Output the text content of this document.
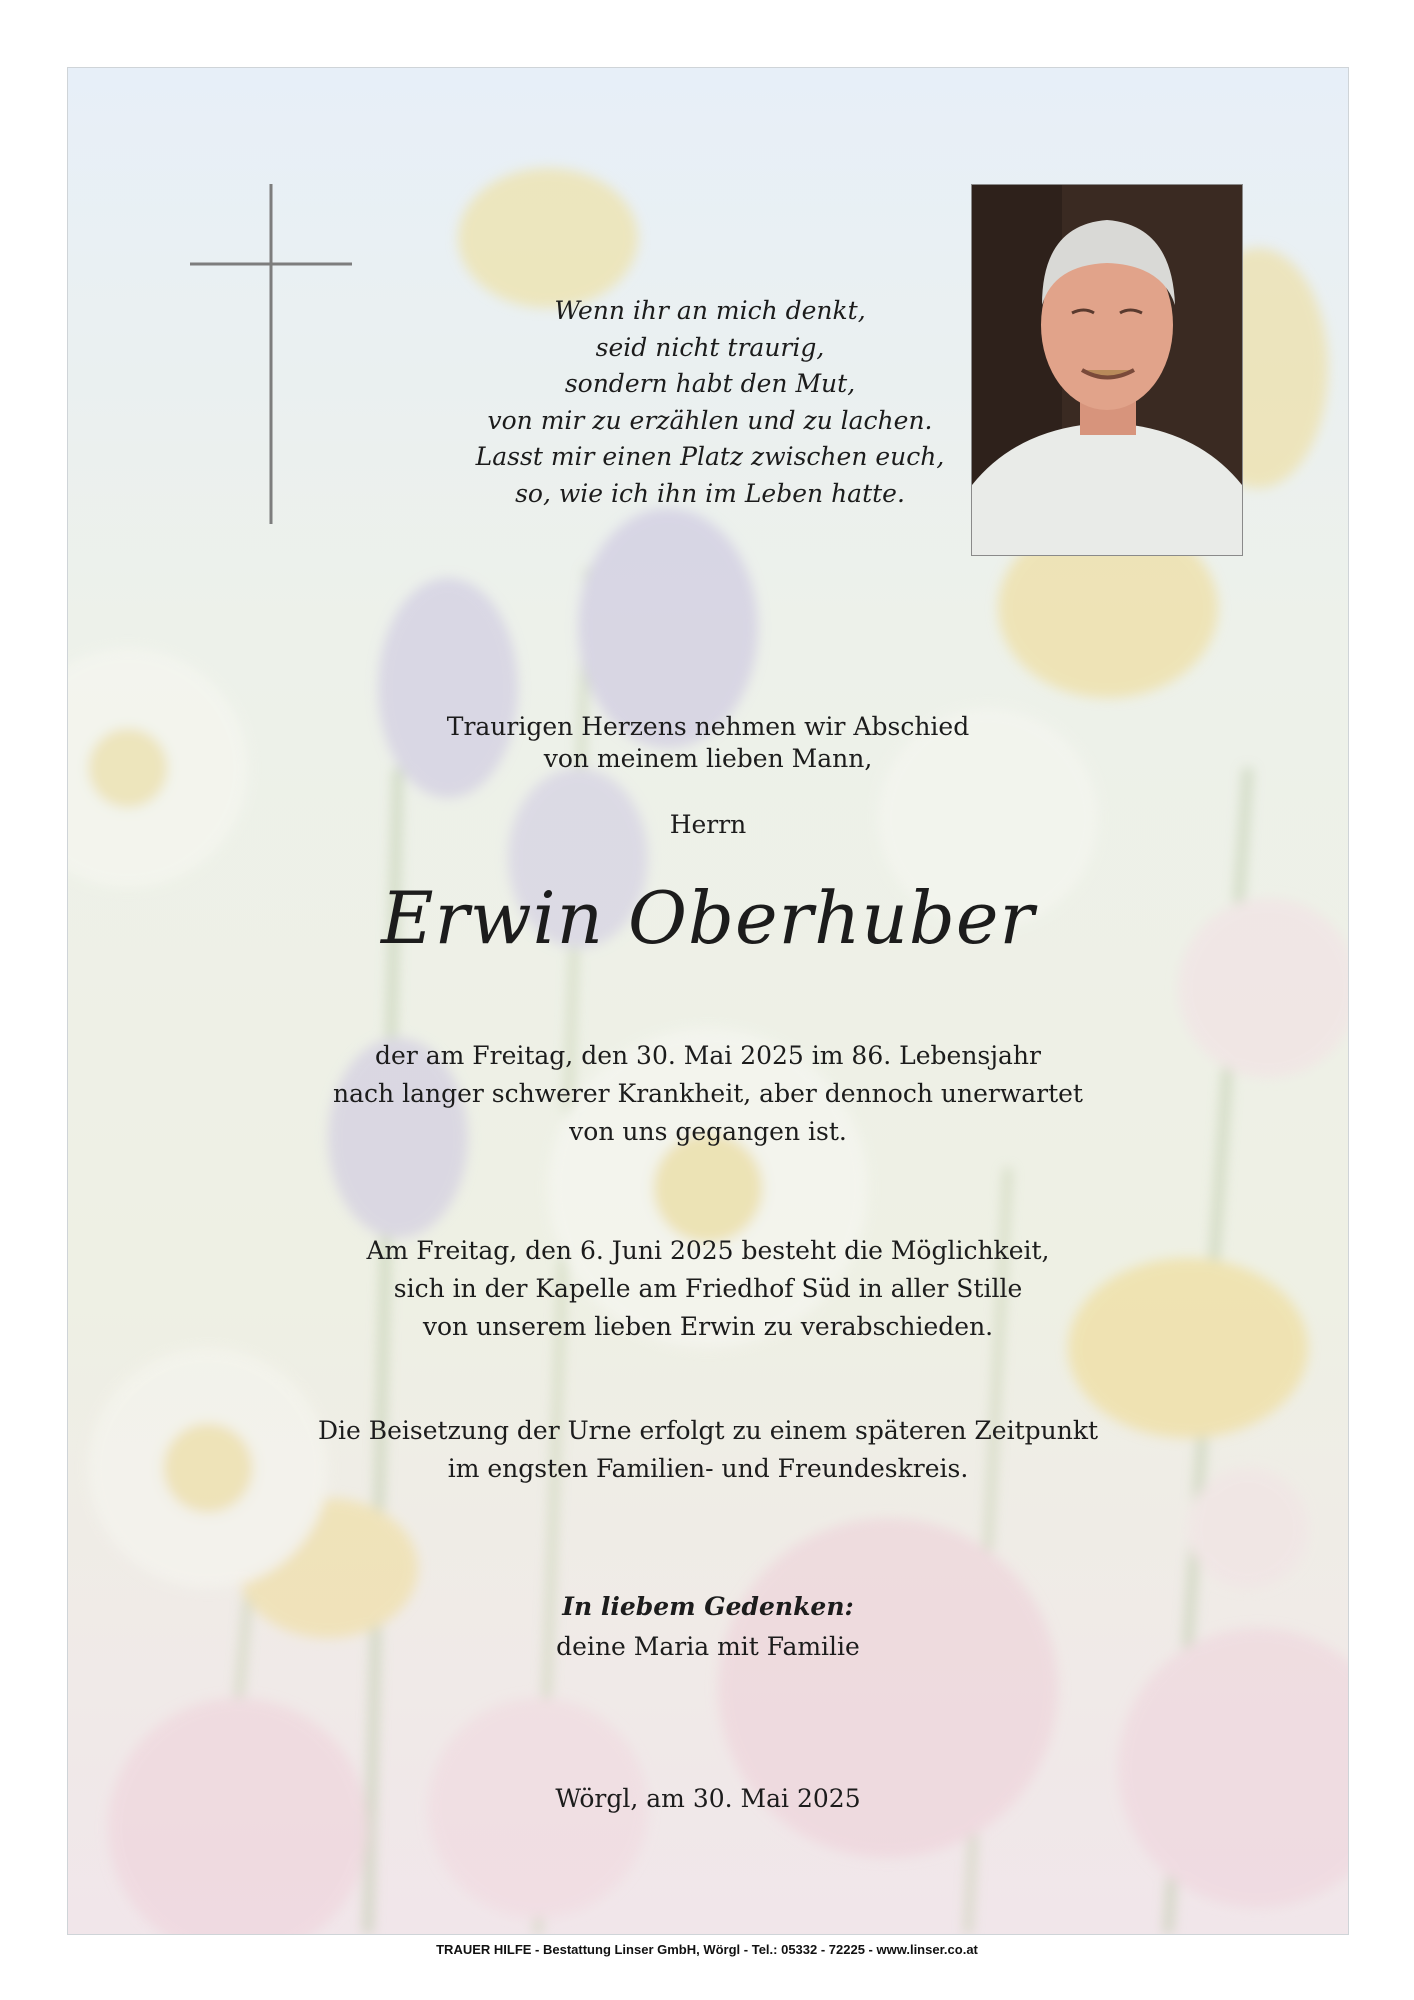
Wenn ihr an mich denkt,
seid nicht traurig,
sondern habt den Mut,
von mir zu erzählen und zu lachen.
Lasst mir einen Platz zwischen euch,
so, wie ich ihn im Leben hatte.
Traurigen Herzens nehmen wir Abschied
von meinem lieben Mann,
Herrn
Erwin Oberhuber
der am Freitag, den 30. Mai 2025 im 86. Lebensjahr
nach langer schwerer Krankheit, aber dennoch unerwartet
von uns gegangen ist.
Am Freitag, den 6. Juni 2025 besteht die Möglichkeit,
sich in der Kapelle am Friedhof Süd in aller Stille
von unserem lieben Erwin zu verabschieden.
Die Beisetzung der Urne erfolgt zu einem späteren Zeitpunkt
im engsten Familien- und Freundeskreis.
In liebem Gedenken:
deine Maria mit Familie
Wörgl, am 30. Mai 2025
TRAUER HILFE - Bestattung Linser GmbH, Wörgl - Tel.: 05332 - 72225 - www.linser.co.at
